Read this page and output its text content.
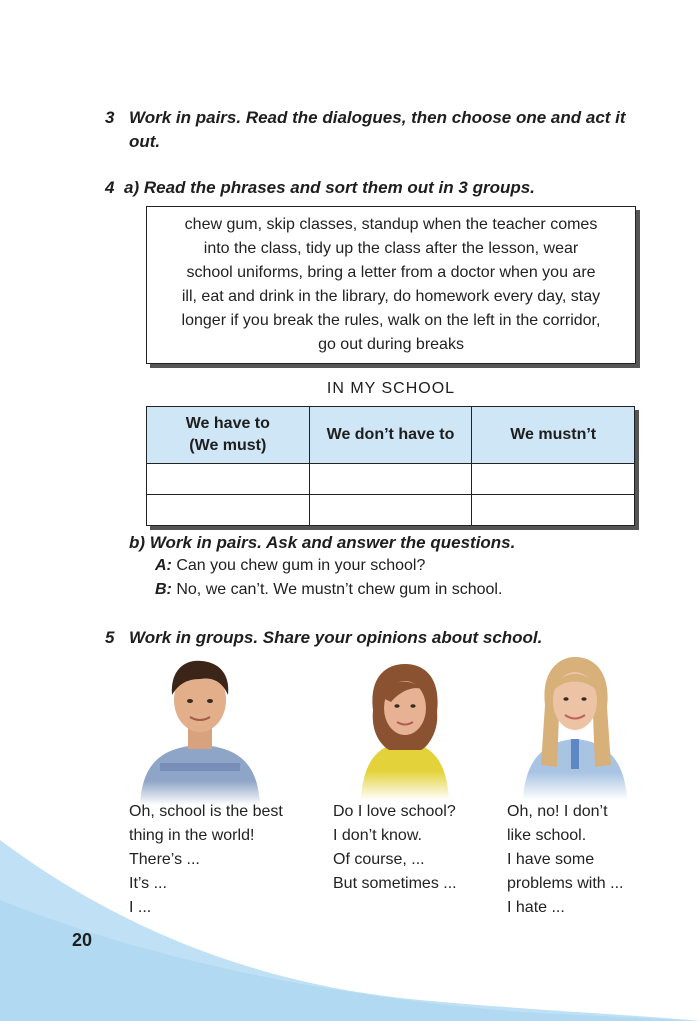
3 Work in pairs. Read the dialogues, then choose one and act it out.
4 a) Read the phrases and sort them out in 3 groups.
chew gum, skip classes, standup when the teacher comes
into the class, tidy up the class after the lesson, wear
school uniforms, bring a letter from a doctor when you are
ill, eat and drink in the library, do homework every day, stay
longer if you break the rules, walk on the left in the corridor,
go out during breaks
IN MY SCHOOL
We have to
(We must)	We don’t have to	We mustn’t

b) Work in pairs. Ask and answer the questions.
A: Can you chew gum in your school?
B: No, we can’t. We mustn’t chew gum in school.
5 Work in groups. Share your opinions about school.
Oh, school is the best
thing in the world!
There’s ...
It’s ...
I ...
Do I love school?
I don’t know.
Of course, ...
But sometimes ...
Oh, no! I don’t
like school.
I have some
problems with ...
I hate ...
20
